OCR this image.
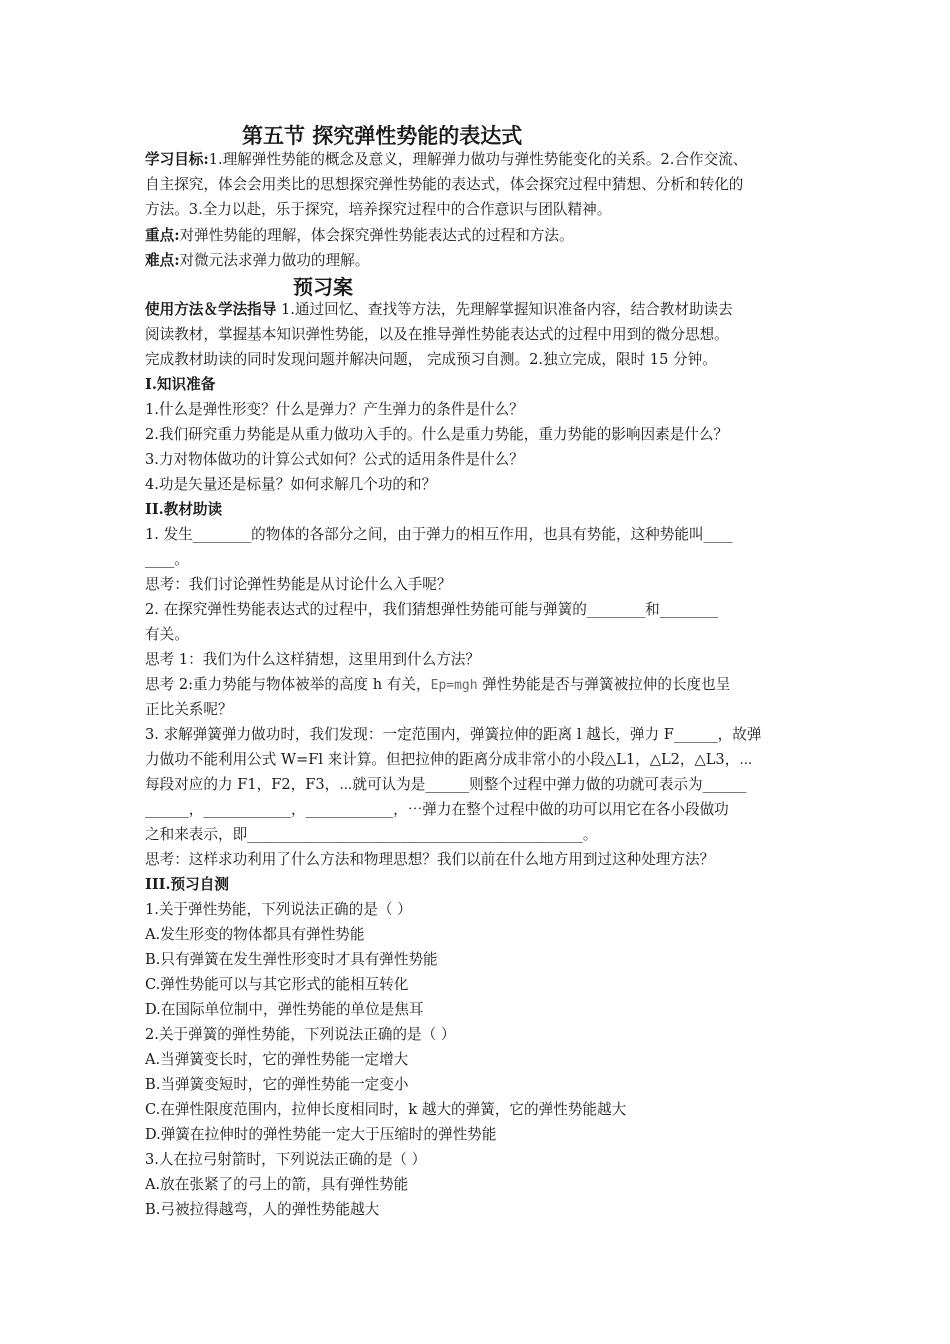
第五节 探究弹性势能的表达式
学习目标:1.理解弹性势能的概念及意义，理解弹力做功与弹性势能变化的关系。2.合作交流、
自主探究，体会会用类比的思想探究弹性势能的表达式，体会探究过程中猜想、分析和转化的
方法。3.全力以赴，乐于探究，培养探究过程中的合作意识与团队精神。
重点:对弹性势能的理解，体会探究弹性势能表达式的过程和方法。
难点:对微元法求弹力做功的理解。
预习案
使用方法＆学法指导 1.通过回忆、查找等方法，先理解掌握知识准备内容，结合教材助读去
阅读教材，掌握基本知识弹性势能，以及在推导弹性势能表达式的过程中用到的微分思想。
完成教材助读的同时发现问题并解决问题， 完成预习自测。2.独立完成，限时 15 分钟。
I.知识准备
1.什么是弹性形变？什么是弹力？产生弹力的条件是什么？
2.我们研究重力势能是从重力做功入手的。什么是重力势能，重力势能的影响因素是什么？
3.力对物体做功的计算公式如何？公式的适用条件是什么？
4.功是矢量还是标量？如何求解几个功的和？
II.教材助读
1. 发生________的物体的各部分之间，由于弹力的相互作用，也具有势能，这种势能叫____
____。
思考：我们讨论弹性势能是从讨论什么入手呢？
2. 在探究弹性势能表达式的过程中，我们猜想弹性势能可能与弹簧的________和________
有关。
思考 1：我们为什么这样猜想，这里用到什么方法？
思考 2:重力势能与物体被举的高度 h 有关，Ep=mgh 弹性势能是否与弹簧被拉伸的长度也呈
正比关系呢？
3. 求解弹簧弹力做功时，我们发现：一定范围内，弹簧拉伸的距离 l 越长，弹力 F______，故弹
力做功不能利用公式 W=Fl 来计算。但把拉伸的距离分成非常小的小段△L1，△L2，△L3，⋯
每段对应的力 F1，F2，F3，⋯就可认为是______则整个过程中弹力做的功就可表示为______
______，____________，____________，⋯弹力在整个过程中做的功可以用它在各小段做功
之和来表示，即______________________________________________。
思考：这样求功利用了什么方法和物理思想？我们以前在什么地方用到过这种处理方法？
III.预习自测
1.关于弹性势能，下列说法正确的是（ ）
A.发生形变的物体都具有弹性势能
B.只有弹簧在发生弹性形变时才具有弹性势能
C.弹性势能可以与其它形式的能相互转化
D.在国际单位制中，弹性势能的单位是焦耳
2.关于弹簧的弹性势能，下列说法正确的是（ ）
A.当弹簧变长时，它的弹性势能一定增大
B.当弹簧变短时，它的弹性势能一定变小
C.在弹性限度范围内，拉伸长度相同时，k 越大的弹簧，它的弹性势能越大
D.弹簧在拉伸时的弹性势能一定大于压缩时的弹性势能
3.人在拉弓射箭时，下列说法正确的是（ ）
A.放在张紧了的弓上的箭，具有弹性势能
B.弓被拉得越弯，人的弹性势能越大
